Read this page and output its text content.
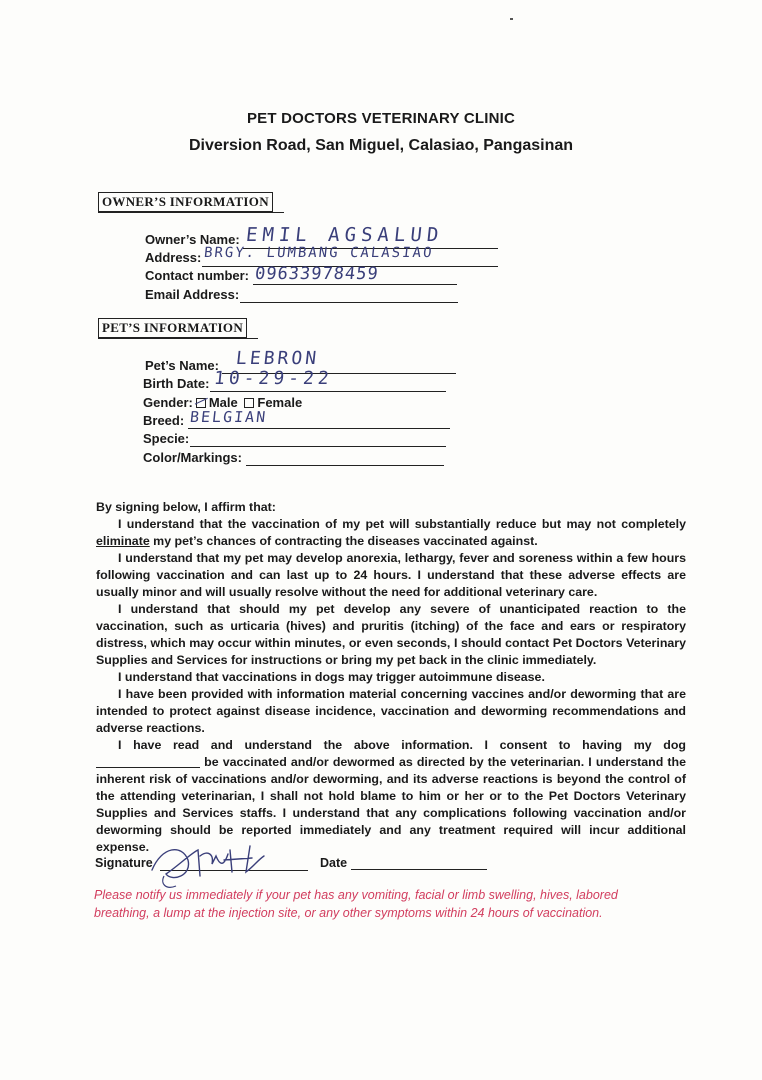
PET DOCTORS VETERINARY CLINIC
Diversion Road, San Miguel, Calasiao, Pangasinan
OWNER’S INFORMATION
Owner’s Name: EMIL AGSALUD
Address: BRGY. LUMBANG CALASIAO
Contact number: 09633978459
Email Address:
PET’S INFORMATION
Pet’s Name: LEBRON
Birth Date: 10-29-22
Gender: Male Female
Breed: BELGIAN
Specie:
Color/Markings:

By signing below, I affirm that:

I understand that the vaccination of my pet will substantially reduce but may not completely eliminate my pet’s chances of contracting the diseases vaccinated against.

I understand that my pet may develop anorexia, lethargy, fever and soreness within a few hours following vaccination and can last up to 24 hours. I understand that these adverse effects are usually minor and will usually resolve without the need for additional veterinary care.

I understand that should my pet develop any severe of unanticipated reaction to the vaccination, such as urticaria (hives) and pruritis (itching) of the face and ears or respiratory distress, which may occur within minutes, or even seconds, I should contact Pet Doctors Veterinary Supplies and Services for instructions or bring my pet back in the clinic immediately.

I understand that vaccinations in dogs may trigger autoimmune disease.

I have been provided with information material concerning vaccines and/or deworming that are intended to protect against disease incidence, vaccination and deworming recommendations and adverse reactions.

I have read and understand the above information. I consent to having my dog  be vaccinated and/or dewormed as directed by the veterinarian. I understand the inherent risk of vaccinations and/or deworming, and its adverse reactions is beyond the control of the attending veterinarian, I shall not hold blame to him or her or to the Pet Doctors Veterinary Supplies and Services staffs. I understand that any complications following vaccination and/or deworming should be reported immediately and any treatment required will incur additional expense.

Signature	Date
Please notify us immediately if your pet has any vomiting, facial or limb swelling, hives, labored breathing, a lump at the injection site, or any other symptoms within 24 hours of vaccination.
